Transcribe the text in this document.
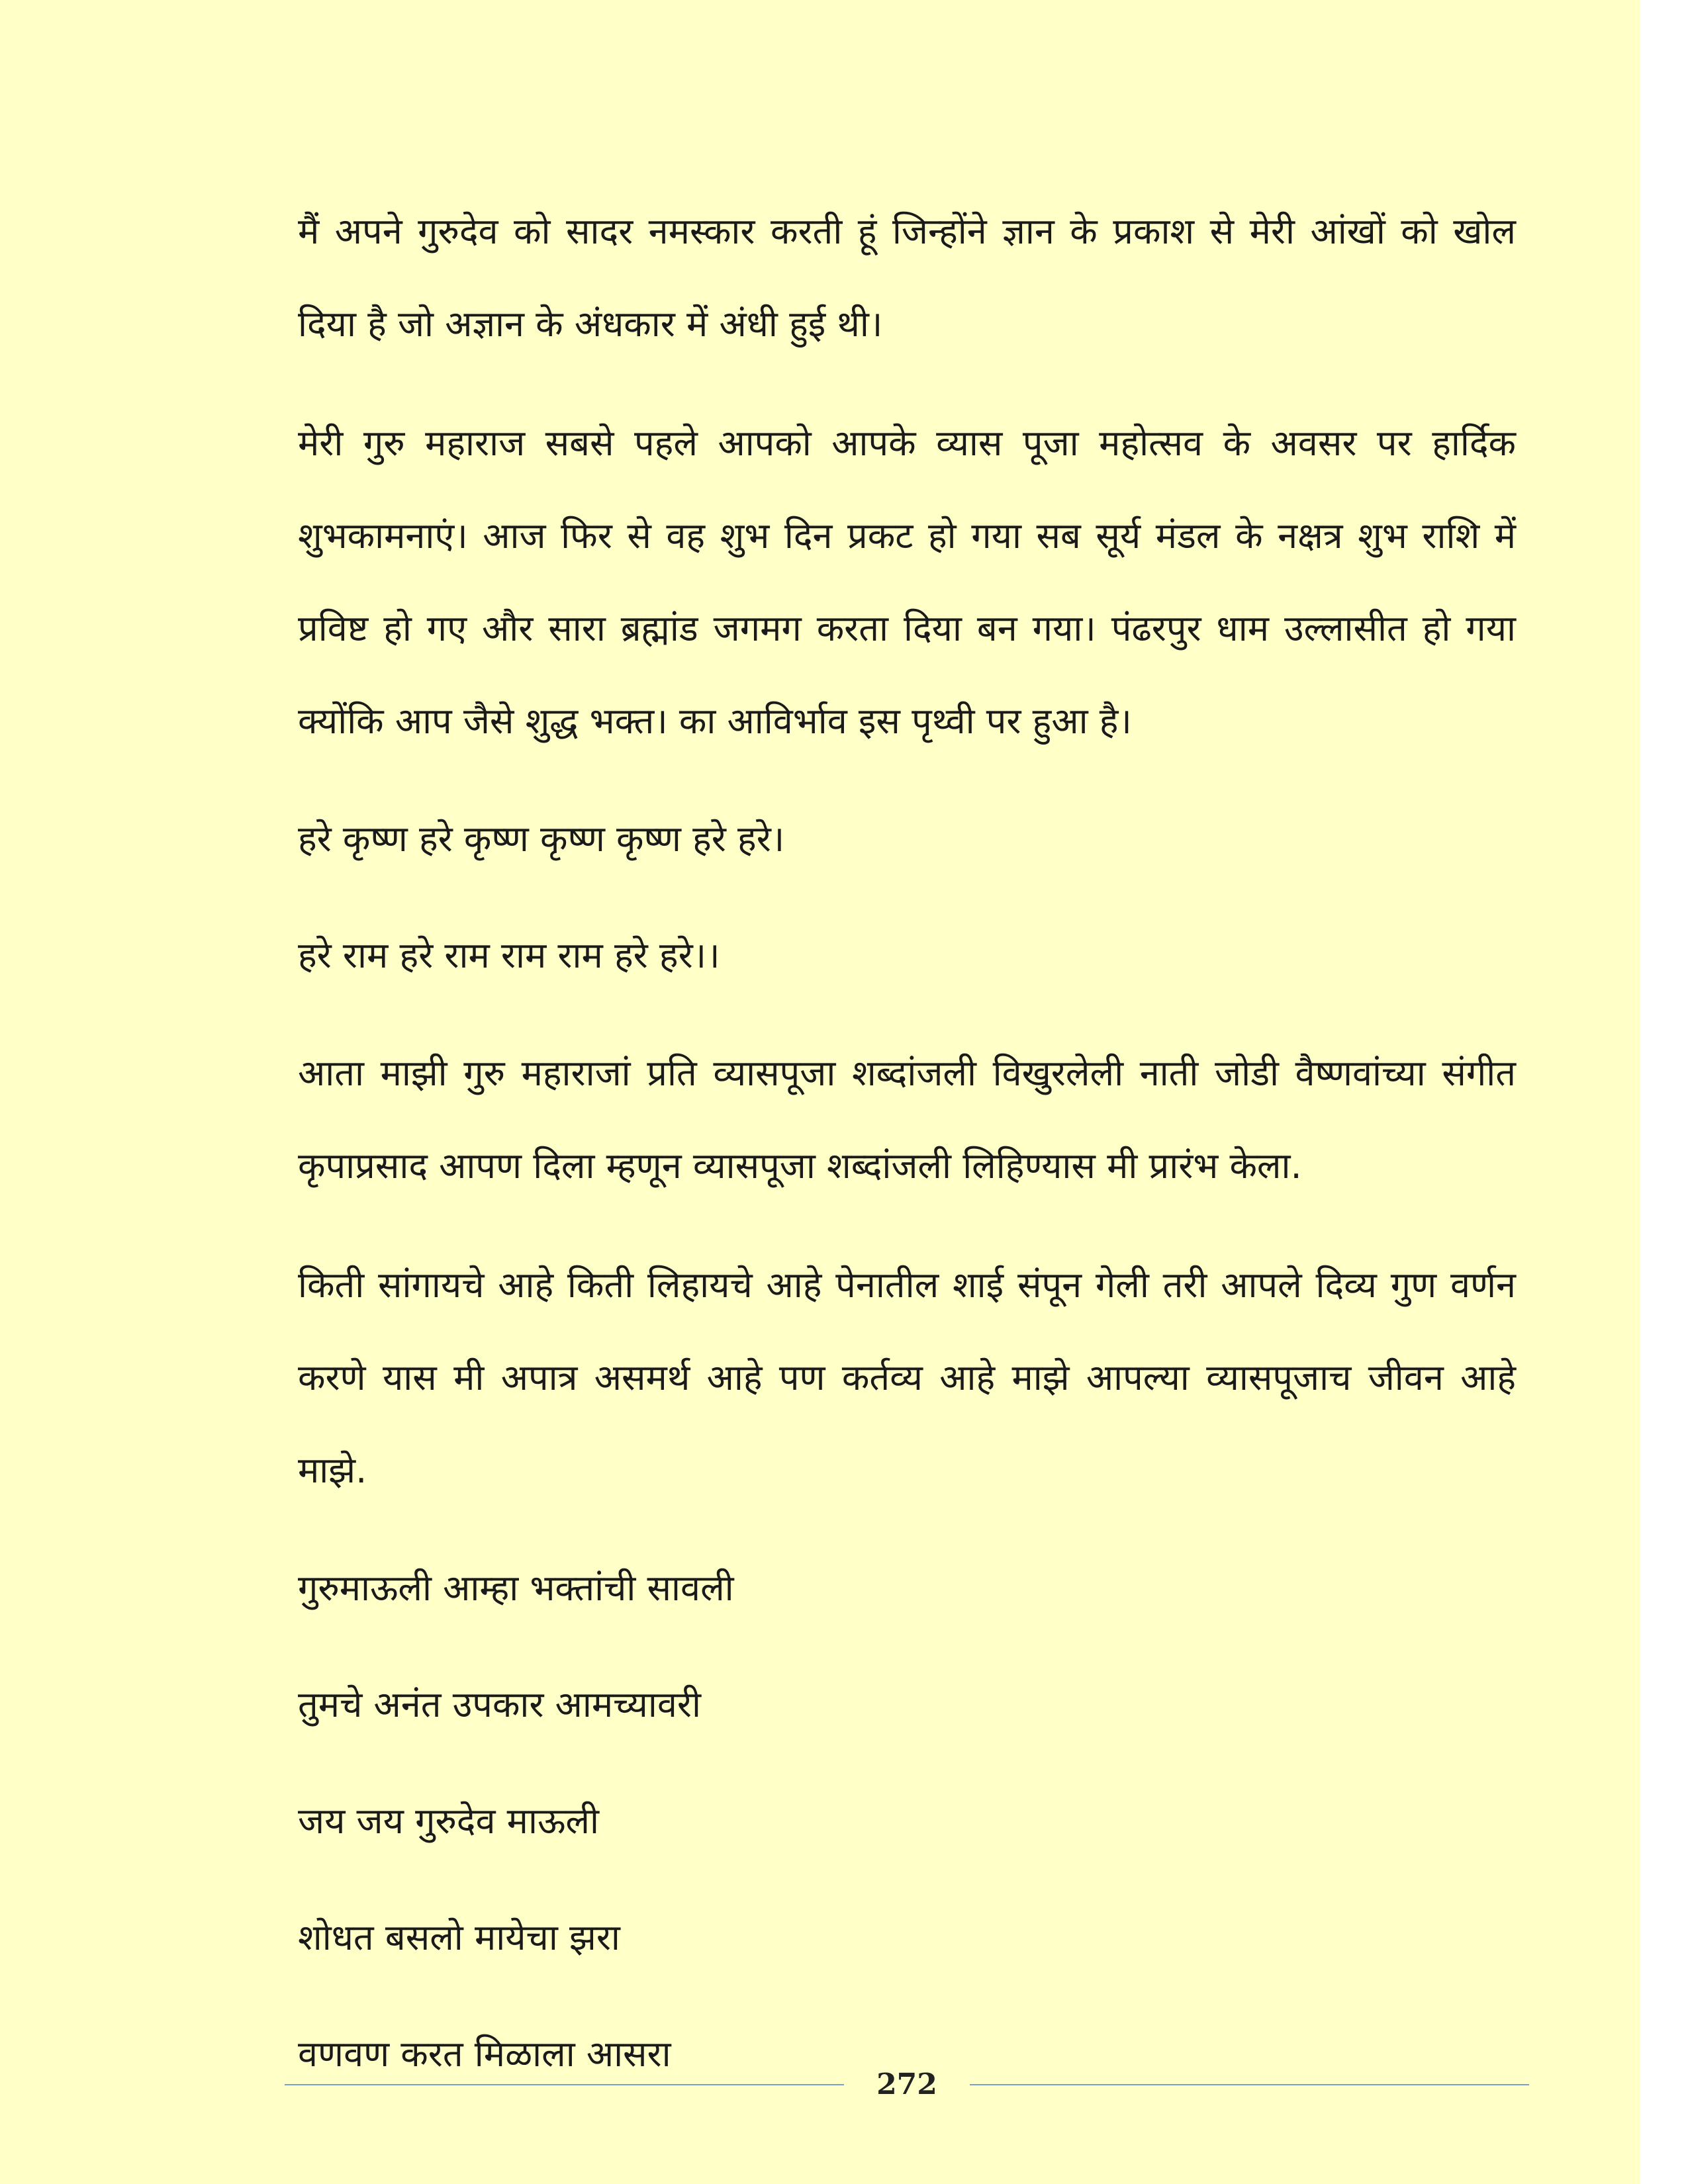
मैं अपने गुरुदेव को सादर नमस्कार करती हूं जिन्होंने ज्ञान के प्रकाश से मेरी आंखों को खोल दिया है जो अज्ञान के अंधकार में अंधी हुई थी।

मेरी गुरु महाराज सबसे पहले आपको आपके व्यास पूजा महोत्सव के अवसर पर हार्दिक शुभकामनाएं। आज फिर से वह शुभ दिन प्रकट हो गया सब सूर्य मंडल के नक्षत्र शुभ राशि में प्रविष्ट हो गए और सारा ब्रह्मांड जगमग करता दिया बन गया। पंढरपुर धाम उल्लासीत हो गया क्योंकि आप जैसे शुद्ध भक्त। का आविर्भाव इस पृथ्वी पर हुआ है।

हरे कृष्ण हरे कृष्ण कृष्ण कृष्ण हरे हरे।

हरे राम हरे राम राम राम हरे हरे।।

आता माझी गुरु महाराजां प्रति व्यासपूजा शब्दांजली विखुरलेली नाती जोडी वैष्णवांच्या संगीत कृपाप्रसाद आपण दिला म्हणून व्यासपूजा शब्दांजली लिहिण्यास मी प्रारंभ केला.

किती सांगायचे आहे किती लिहायचे आहे पेनातील शाई संपून गेली तरी आपले दिव्य गुण वर्णन करणे यास मी अपात्र असमर्थ आहे पण कर्तव्य आहे माझे आपल्या व्यासपूजाच जीवन आहे माझे.

गुरुमाऊली आम्हा भक्तांची सावली

तुमचे अनंत उपकार आमच्यावरी

जय जय गुरुदेव माऊली

शोधत बसलो मायेचा झरा

वणवण करत मिळाला आसरा

272
